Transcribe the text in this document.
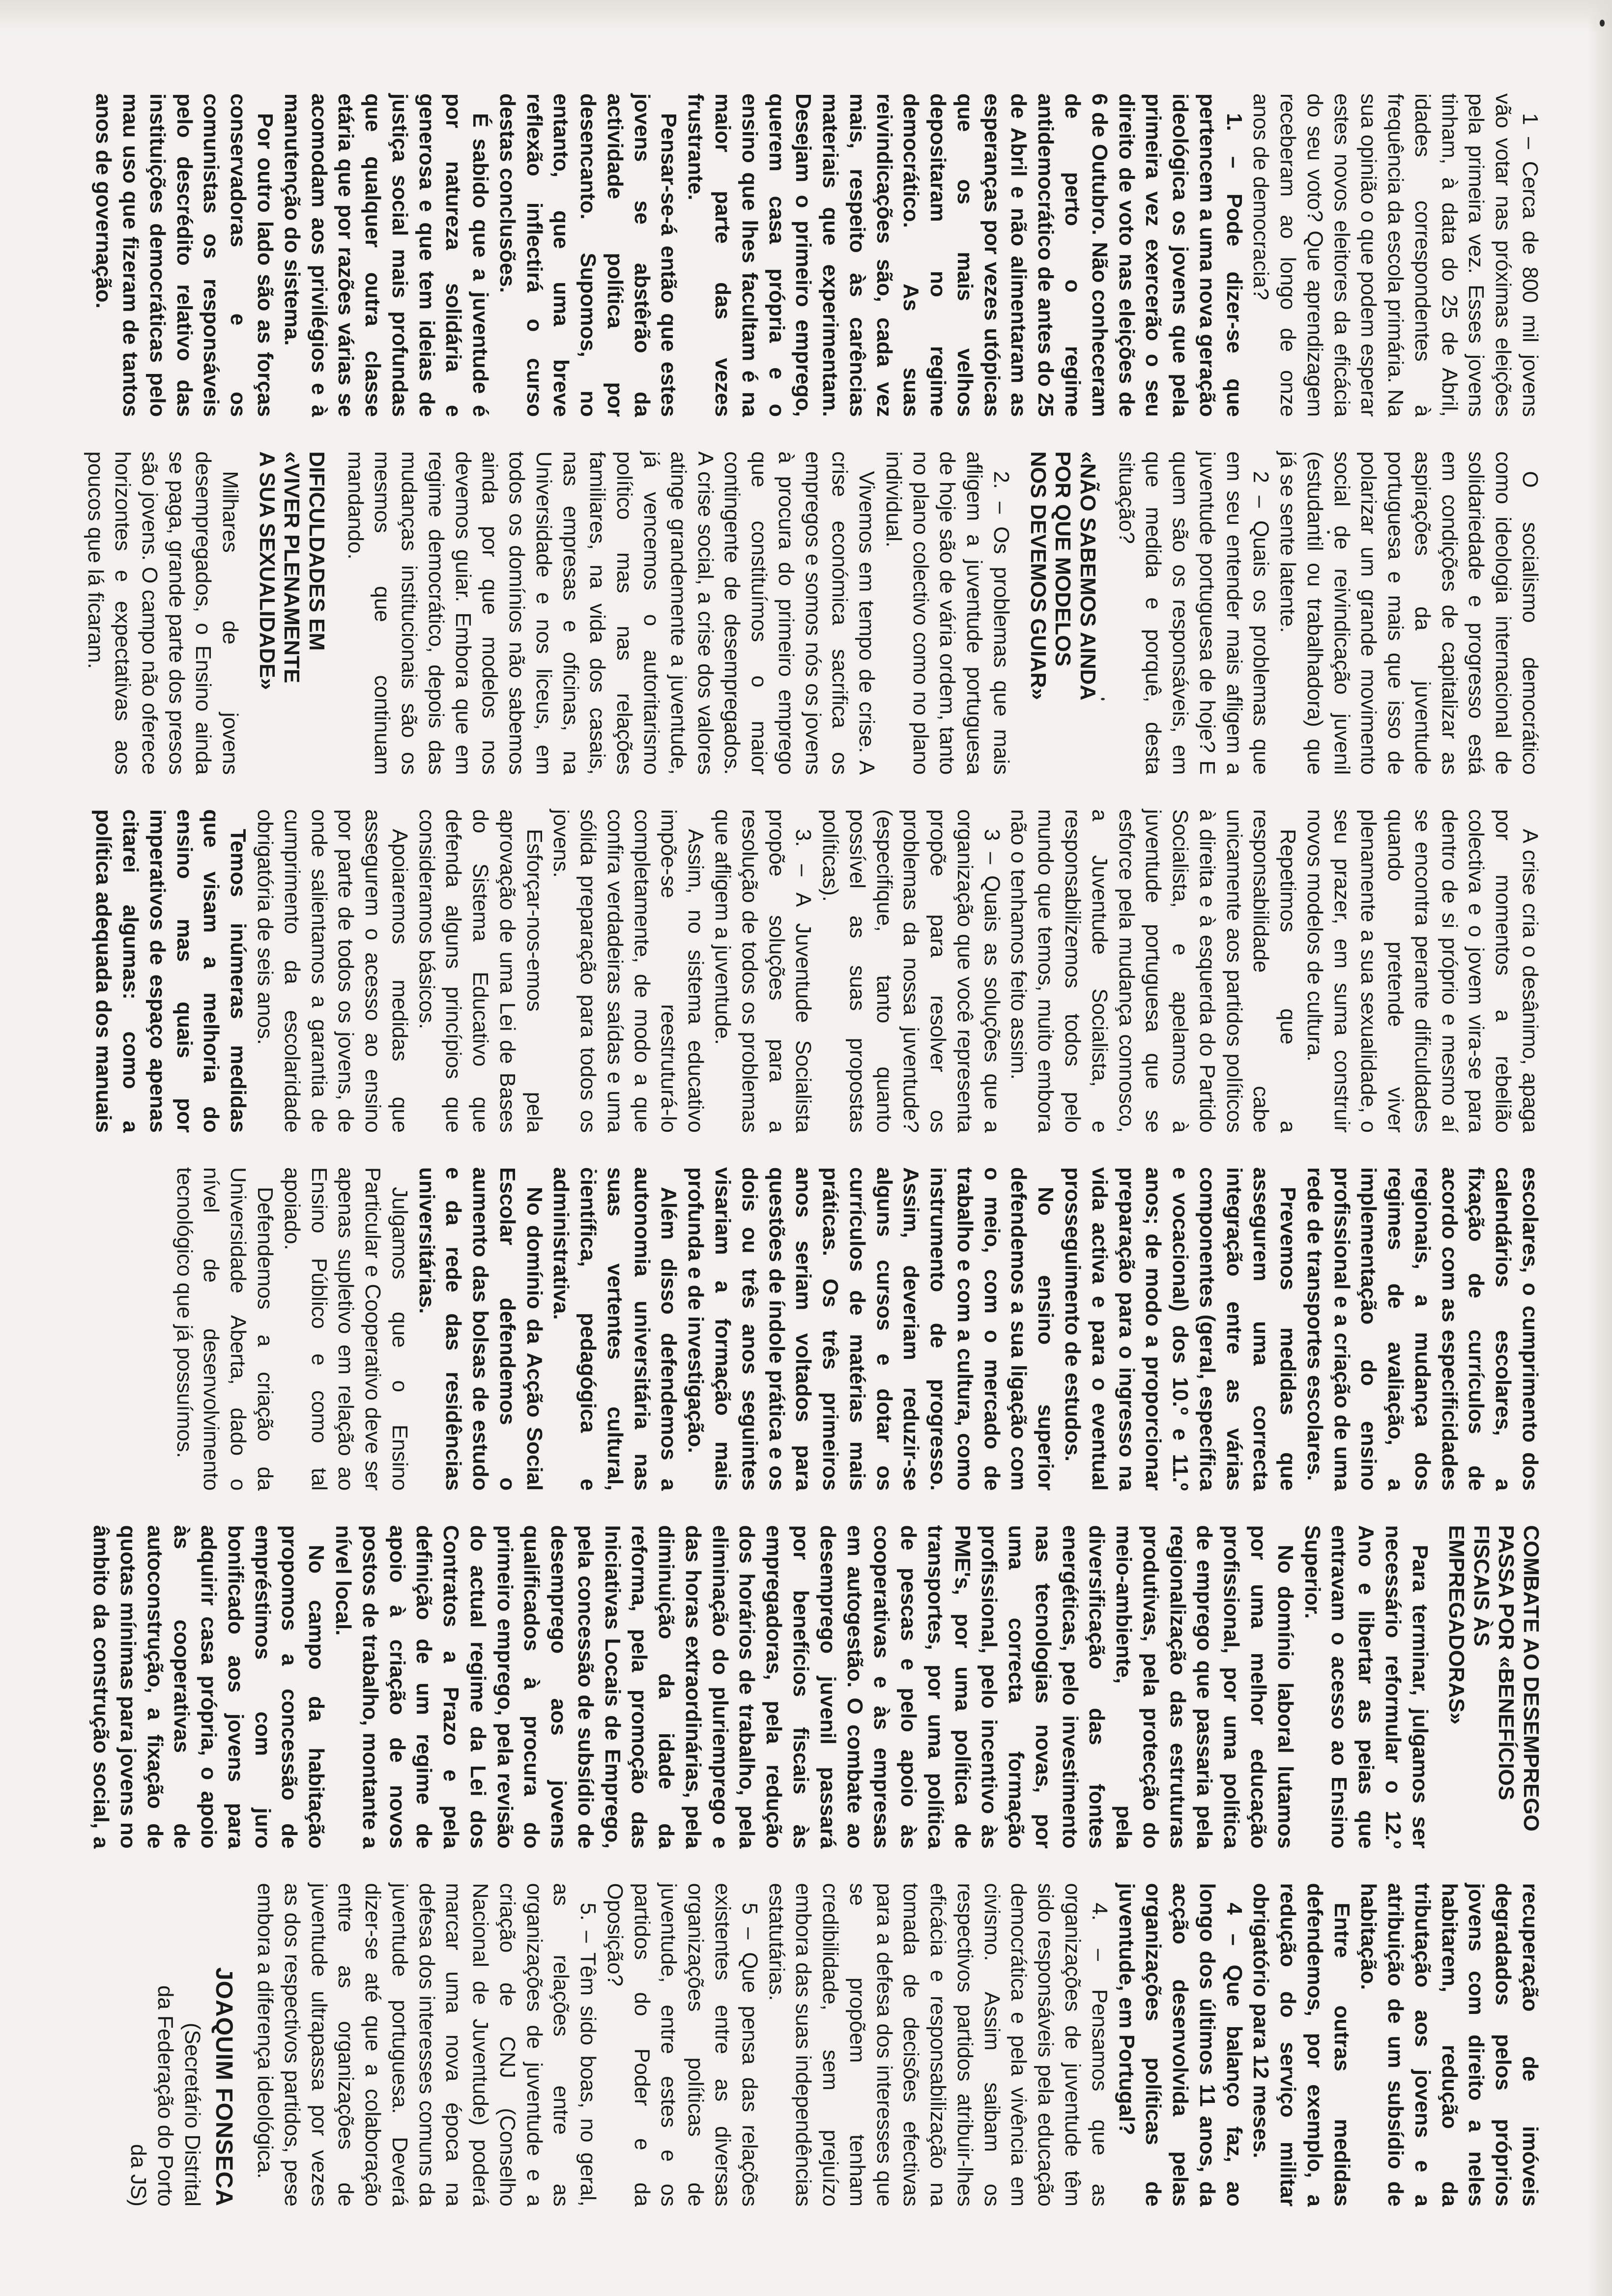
1 – Cerca de 800 mil jovens vão votar nas próximas eleições pela primeira vez. Esses jovens tinham, à data do 25 de Abril, idades correspondentes à frequência da escola primária. Na sua opinião o que podem esperar estes novos eleitores da eficácia do seu voto? Que aprendizagem receberam ao longo de onze anos de democracia?

1. – Pode dizer-se que pertencem a uma nova geração ideológica os jovens que pela primeira vez exercerão o seu direito de voto nas eleições de 6 de Outubro. Não conheceram de perto o regime antidemocrático de antes do 25 de Abril e não alimentaram as esperanças por vezes utópicas que os mais velhos depositaram no regime democrático. As suas reivindicações são, cada vez mais, respeito às carências materiais que experimentam. Desejam o primeiro emprego, querem casa própria e o ensino que lhes facultam é na maior parte das vezes frustrante.

Pensar-se-á então que estes jovens se abstêrão da actividade política por desencanto. Supomos, no entanto, que uma breve reflexão inflectirá o curso destas conclusões.

É sabido que a juventude é por natureza solidária e generosa e que tem ideias de justiça social mais profundas que qualquer outra classe etária que por razões várias se acomodam aos privilégios e à manutenção do sistema.

Por outro lado são as forças conservadoras e os comunistas os responsáveis pelo descrédito relativo das instituições democráticas pelo mau uso que fizeram de tantos anos de governação.

O socialismo democrático como ideologia internacional de solidariedade e progresso está em condições de capitalizar as aspirações da juventude portuguesa e mais que isso de polarizar um grande movimento social de reivindicação juvenil (estudantil ou trabalhadora) que já se sente latente.

2 – Quais os problemas que em seu entender mais afligem a juventude portuguesa de hoje? E quem são os responsáveis, em que medida e porquê, desta situação?

«NÃO SABEMOS AINDA
POR QUE MODELOS
NOS DEVEMOS GUIAR»

2. – Os problemas que mais afligem a juventude portuguesa de hoje são de vária ordem, tanto no plano colectivo como no plano individual.

Vivemos em tempo de crise. A crise económica sacrifica os empregos e somos nós os jovens à procura do primeiro emprego que constituímos o maior contingente de desempregados. A crise social, a crise dos valores atinge grandemente a juventude, já vencemos o autoritarismo político mas nas relações familiares, na vida dos casais, nas empresas e oficinas, na Universidade e nos liceus, em todos os domínios não sabemos ainda por que modelos nos devemos guiar. Embora que em regime democrático, depois das mudanças institucionais são os mesmos que continuam mandando.

DIFICULDADES EM
«VIVER PLENAMENTE
A SUA SEXUALIDADE»

Milhares de jovens desempregados, o Ensino ainda se paga, grande parte dos presos são jovens. O campo não oferece horizontes e expectativas aos poucos que lá ficaram.

A crise cria o desânimo, apaga por momentos a rebelião colectiva e o jovem vira-se para dentro de si próprio e mesmo aí se encontra perante dificuldades quando pretende viver plenamente a sua sexualidade, o seu prazer, em suma construir novos modelos de cultura.

Repetimos que a responsabilidade cabe unicamente aos partidos políticos à direita e à esquerda do Partido Socialista, e apelamos à juventude portuguesa que se esforce pela mudança connosco, a Juventude Socialista, e responsabilizemos todos pelo mundo que temos, muito embora não o tenhamos feito assim.

3 – Quais as soluções que a organização que você representa propõe para resolver os problemas da nossa juventude? (especifique, tanto quanto possível as suas propostas políticas).

3. – A Juventude Socialista propõe soluções para a resolução de todos os problemas que afligem a juventude.

Assim, no sistema educativo impõe-se reestruturá-lo completamente, de modo a que confira verdadeiras saídas e uma sólida preparação para todos os jovens.

Esforçar-nos-emos pela aprovação de uma Lei de Bases do Sistema Educativo que defenda alguns princípios que consideramos básicos.

Apoiaremos medidas que assegurem o acesso ao ensino por parte de todos os jovens, de onde salientamos a garantia de cumprimento da escolaridade obrigatória de seis anos.

Temos inúmeras medidas que visam a melhoria do ensino mas quais por imperativos de espaço apenas citarei algumas: como a política adequada dos manuais escolares, o cumprimento dos calendários escolares, a fixação de currículos de acordo com as especificidades regionais, a mudança dos regimes de avaliação, a implementação do ensino profissional e a criação de uma rede de transportes escolares.

Prevemos medidas que assegurem uma correcta integração entre as várias componentes (geral, específica e vocacional) dos 10.º e 11.º anos; de modo a proporcionar preparação para o ingresso na vida activa e para o eventual prosseguimento de estudos.

No ensino superior defendemos a sua ligação com o meio, com o mercado de trabalho e com a cultura, como instrumento de progresso. Assim, deveriam reduzir-se alguns cursos e dotar os currículos de matérias mais práticas. Os três primeiros anos seriam voltados para questões de índole prática e os dois ou três anos seguintes visariam a formação mais profunda e de investigação.

Além disso defendemos a autonomia universitária nas suas vertentes cultural, científica, pedagógica e administrativa.

No domínio da Acção Social Escolar defendemos o aumento das bolsas de estudo e da rede das residências universitárias.

Julgamos que o Ensino Particular e Cooperativo deve ser apenas supletivo em relação ao Ensino Público e como tal apoiado.

Defendemos a criação da Universidade Aberta, dado o nível de desenvolvimento tecnológico que já possuímos.

COMBATE AO DESEMPREGO
PASSA POR «BENEFÍCIOS
FISCAIS ÀS EMPREGADORAS»

Para terminar, julgamos ser necessário reformular o 12.º Ano e libertar as peias que entravam o acesso ao Ensino Superior.

No domínio laboral lutamos por uma melhor educação profissional, por uma política de emprego que passaria pela regionalização das estruturas produtivas, pela protecção do meio-ambiente, pela diversificação das fontes energéticas, pelo investimento nas tecnologias novas, por uma correcta formação profissional, pelo incentivo às PME's, por uma política de transportes, por uma política de pescas e pelo apoio às cooperativas e às empresas em autogestão. O combate ao desemprego juvenil passará por benefícios fiscais às empregadoras, pela redução dos horários de trabalho, pela eliminação do pluriemprego e das horas extraordinárias, pela diminuição da idade da reforma, pela promoção das Iniciativas Locais de Emprego, pela concessão de subsídio de desemprego aos jovens qualificados à procura do primeiro emprego, pela revisão do actual regime da Lei dos Contratos a Prazo e pela definição de um regime de apoio à criação de novos postos de trabalho, montante a nível local.

No campo da habitação propomos a concessão de empréstimos com juro bonificado aos jovens para adquirir casa própria, o apoio às cooperativas de autoconstrução, a fixação de quotas mínimas para jovens no âmbito da construção social, a recuperação de imóveis degradados pelos próprios jovens com direito a neles habitarem, redução da tributação aos jovens e a atribuição de um subsídio de habitação.

Entre outras medidas defendemos, por exemplo, a redução do serviço militar obrigatório para 12 meses.

4 – Que balanço faz, ao longo dos últimos 11 anos, da acção desenvolvida pelas organizações políticas de juventude, em Portugal?

4. – Pensamos que as organizações de juventude têm sido responsáveis pela educação democrática e pela vivência em civismo. Assim saibam os respectivos partidos atribuir-lhes eficácia e responsabilização na tomada de decisões efectivas para a defesa dos interesses que se propõem tenham credibilidade, sem prejuízo embora das suas independências estatutárias.

5 – Que pensa das relações existentes entre as diversas organizações políticas de juventude, entre estes e os partidos do Poder e da Oposição?

5. – Têm sido boas, no geral, as relações entre as organizações de juventude e a criação de CNJ (Conselho Nacional de Juventude) poderá marcar uma nova época na defesa dos interesses comuns da juventude portuguesa. Deverá dizer-se até que a colaboração entre as organizações de juventude ultrapassa por vezes as dos respectivos partidos, pese embora a diferença ideológica.

JOAQUIM FONSECA
(Secretário Distrital
da Federação do Porto
da JS)
